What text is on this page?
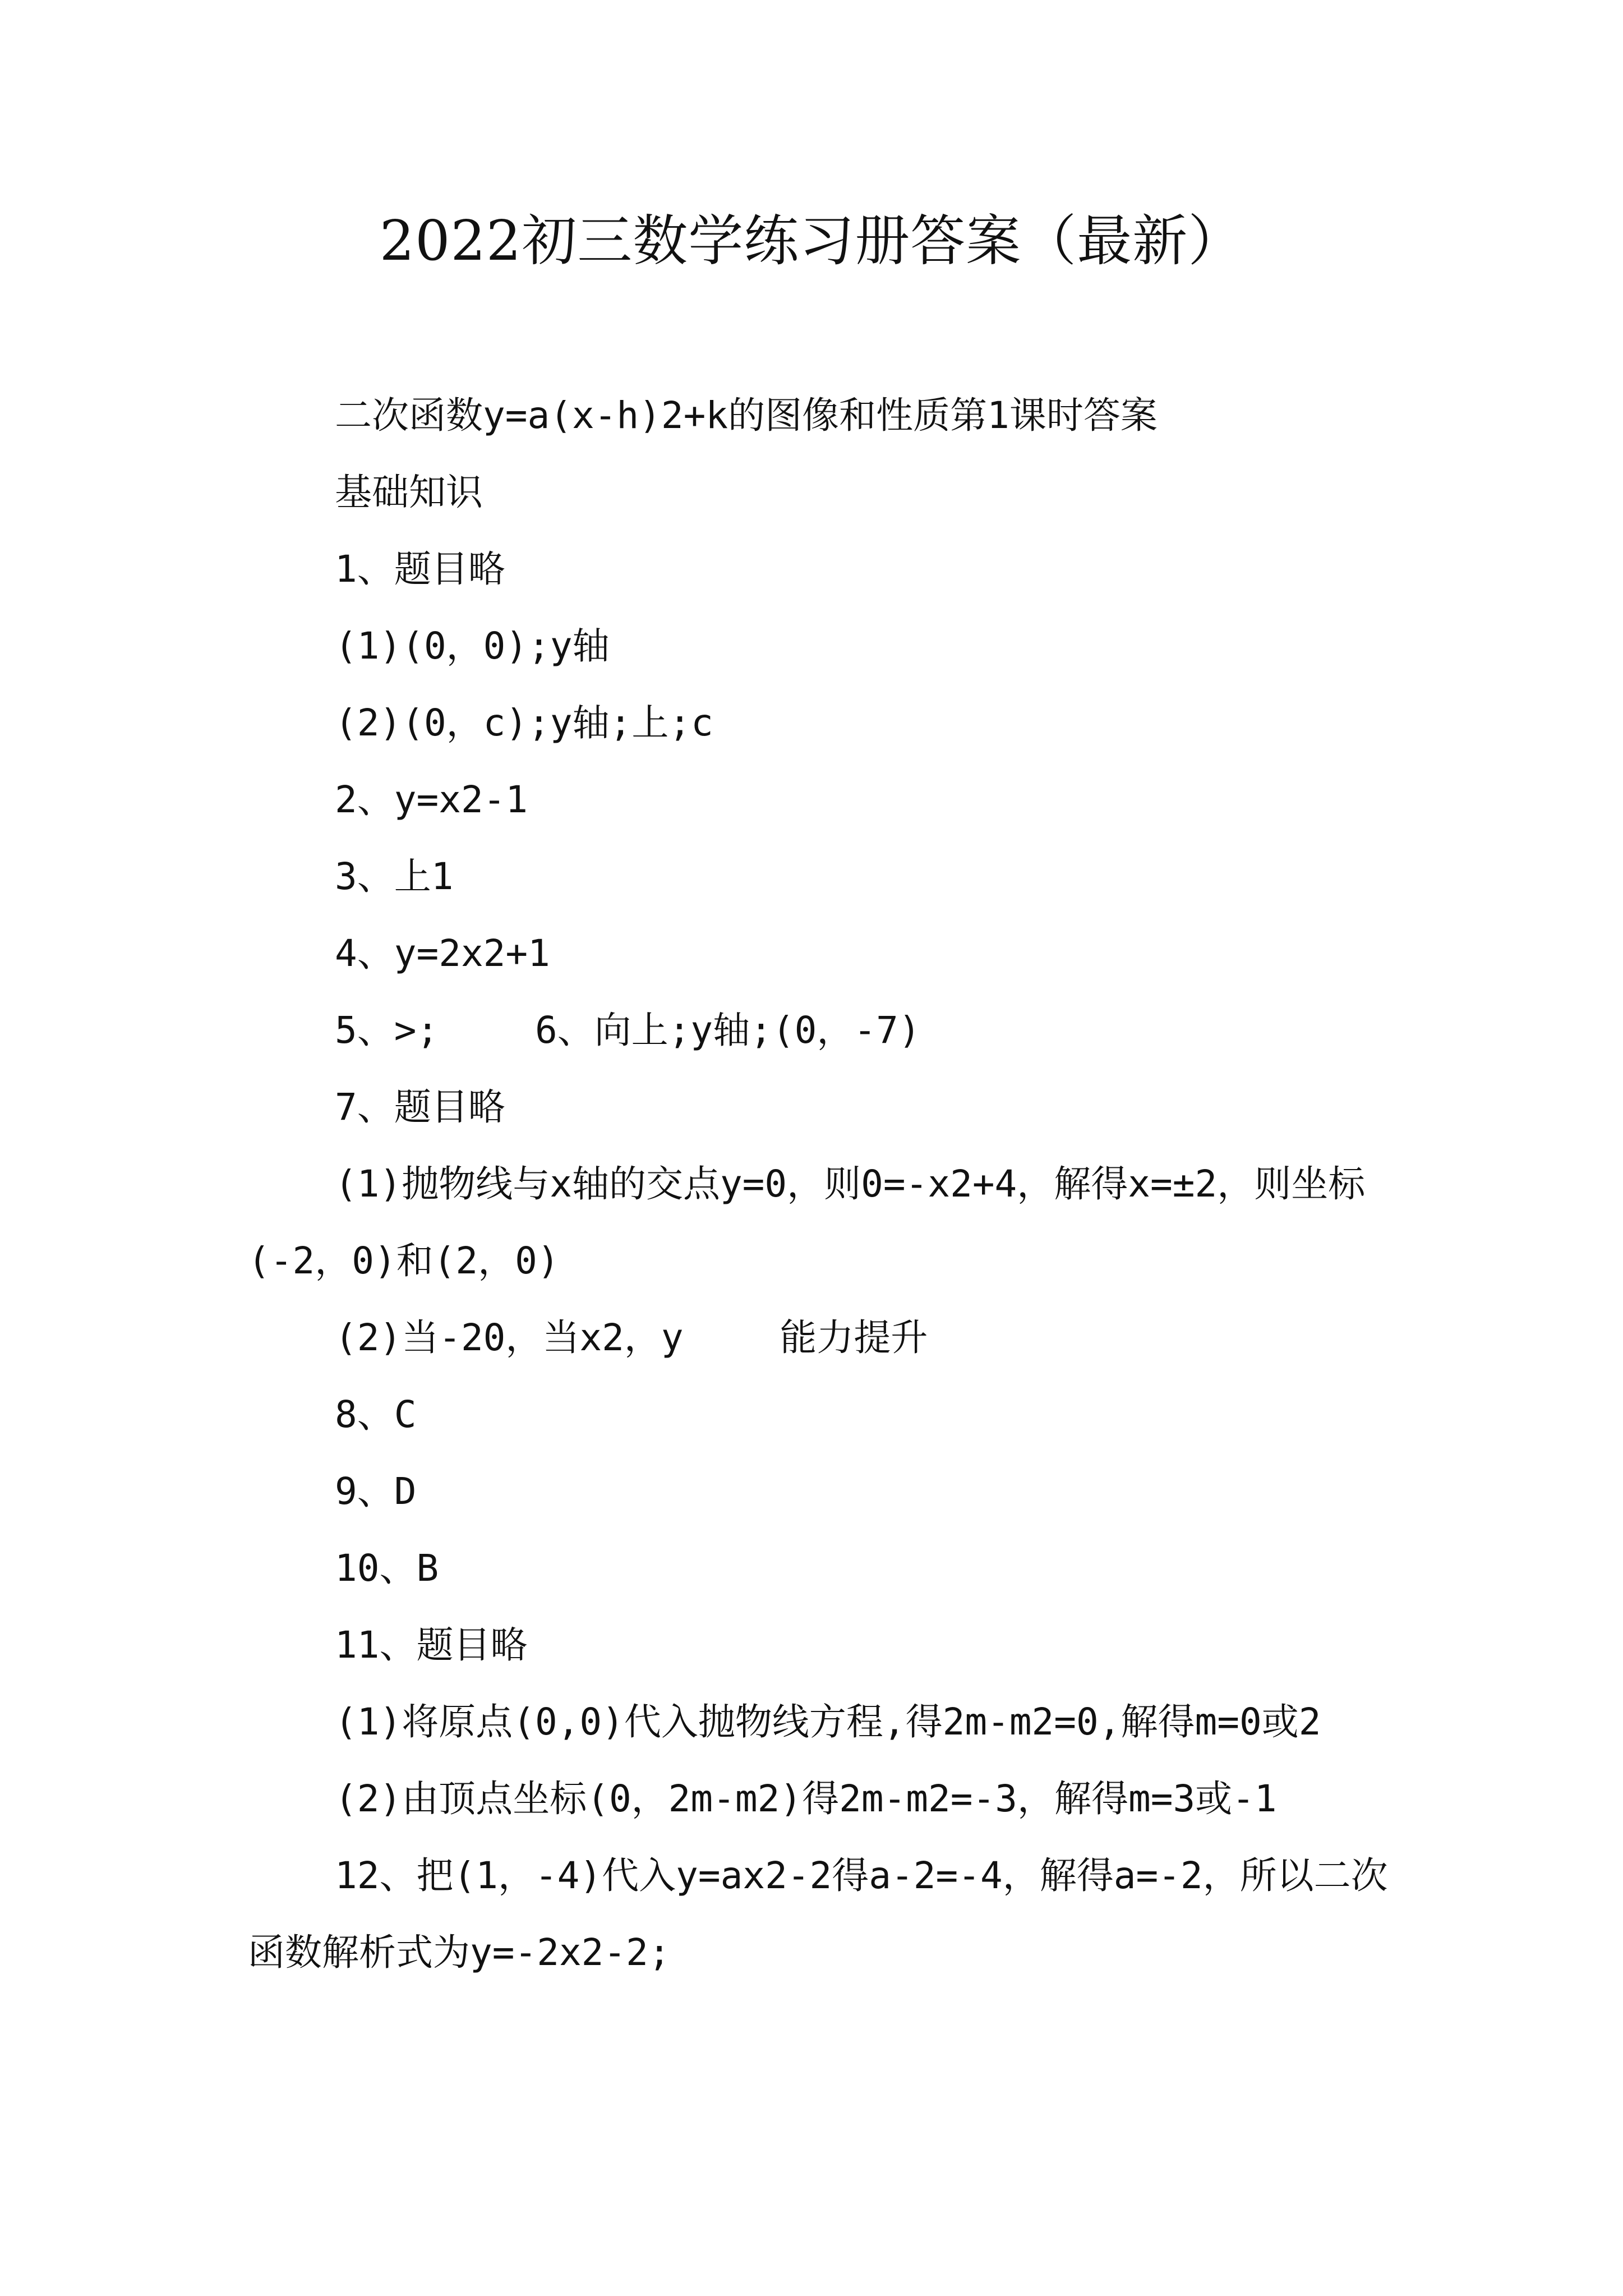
2022初三数学练习册答案（最新）

二次函数y=a(x-h)2+k的图像和性质第1课时答案

基础知识

1、题目略

(1)(0，0);y轴

(2)(0，c);y轴;上;c

2、y=x2-1

3、上1

4、y=2x2+1

5、>;　　 6、向上;y轴;(0，-7)

7、题目略

(1)抛物线与x轴的交点y=0，则0=-x2+4，解得x=±2，则坐标(-2，0)和(2，0)

(2)当-20，当x2，y　　 能力提升

8、C

9、D

10、B

11、题目略

(1)将原点(0,0)代入抛物线方程,得2m-m2=0,解得m=0或2

(2)由顶点坐标(0，2m-m2)得2m-m2=-3，解得m=3或-1

12、把(1，-4)代入y=ax2-2得a-2=-4，解得a=-2，所以二次函数解析式为y=-2x2-2;
